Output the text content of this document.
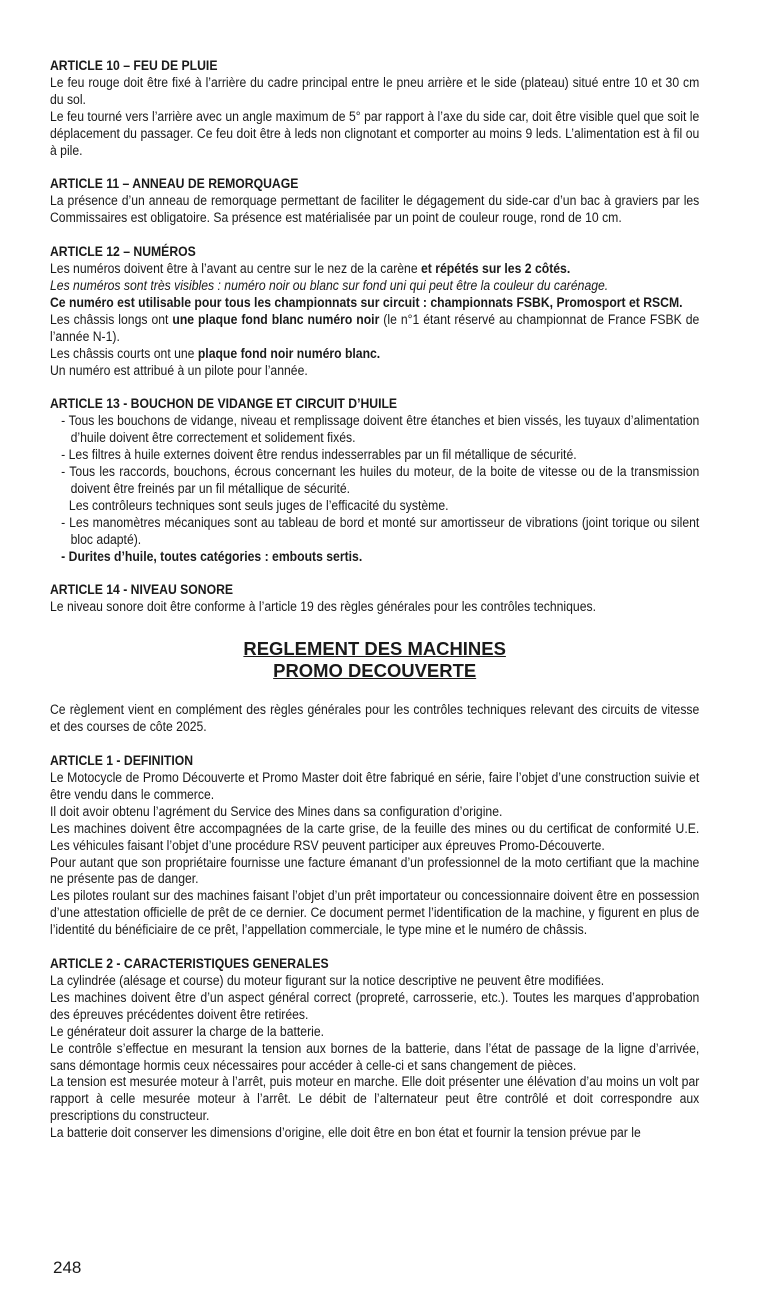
ARTICLE 10 – FEU DE PLUIE

Le feu rouge doit être fixé à l’arrière du cadre principal entre le pneu arrière et le side (plateau) situé entre 10 et 30 cm du sol.

Le feu tourné vers l’arrière avec un angle maximum de 5° par rapport à l’axe du side car, doit être visible quel que soit le déplacement du passager. Ce feu doit être à leds non clignotant et comporter au moins 9 leds. L’alimentation est à fil ou à pile.

ARTICLE 11 – ANNEAU DE REMORQUAGE

La présence d’un anneau de remorquage permettant de faciliter le dégagement du side-car d’un bac à graviers par les Commissaires est obligatoire. Sa présence est matérialisée par un point de couleur rouge, rond de 10 cm.

ARTICLE 12 – NUMÉROS

Les numéros doivent être à l’avant au centre sur le nez de la carène et répétés sur les 2 côtés.

Les numéros sont très visibles : numéro noir ou blanc sur fond uni qui peut être la couleur du carénage.

Ce numéro est utilisable pour tous les championnats sur circuit : championnats FSBK, Promosport et RSCM.

Les châssis longs ont une plaque fond blanc numéro noir (le n°1 étant réservé au championnat de France FSBK de l’année N-1).

Les châssis courts ont une plaque fond noir numéro blanc.

Un numéro est attribué à un pilote pour l’année.

ARTICLE 13 - BOUCHON DE VIDANGE ET CIRCUIT D’HUILE

- Tous les bouchons de vidange, niveau et remplissage doivent être étanches et bien vissés, les tuyaux d’alimentation d’huile doivent être correctement et solidement fixés.

- Les filtres à huile externes doivent être rendus indesserrables par un fil métallique de sécurité.

- Tous les raccords, bouchons, écrous concernant les huiles du moteur, de la boite de vitesse ou de la transmission doivent être freinés par un fil métallique de sécurité.

Les contrôleurs techniques sont seuls juges de l’efficacité du système.

- Les manomètres mécaniques sont au tableau de bord et monté sur amortisseur de vibrations (joint torique ou silent bloc adapté).

- Durites d’huile, toutes catégories : embouts sertis.

ARTICLE 14 - NIVEAU SONORE

Le niveau sonore doit être conforme à l’article 19 des règles générales pour les contrôles techniques.

REGLEMENT DES MACHINES
PROMO DECOUVERTE

Ce règlement vient en complément des règles générales pour les contrôles techniques relevant des circuits de vitesse et des courses de côte 2025.

ARTICLE 1 - DEFINITION

Le Motocycle de Promo Découverte et Promo Master doit être fabriqué en série, faire l’objet d’une construction suivie et être vendu dans le commerce.

Il doit avoir obtenu l’agrément du Service des Mines dans sa configuration d’origine.

Les machines doivent être accompagnées de la carte grise, de la feuille des mines ou du certificat de conformité U.E. Les véhicules faisant l’objet d’une procédure RSV peuvent participer aux épreuves Promo-Découverte.

Pour autant que son propriétaire fournisse une facture émanant d’un professionnel de la moto certifiant que la machine ne présente pas de danger.

Les pilotes roulant sur des machines faisant l’objet d’un prêt importateur ou concessionnaire doivent être en possession d’une attestation officielle de prêt de ce dernier. Ce document permet l’identification de la machine, y figurent en plus de l’identité du bénéficiaire de ce prêt, l’appellation commerciale, le type mine et le numéro de châssis.

ARTICLE 2 - CARACTERISTIQUES GENERALES

La cylindrée (alésage et course) du moteur figurant sur la notice descriptive ne peuvent être modifiées.

Les machines doivent être d’un aspect général correct (propreté, carrosserie, etc.). Toutes les marques d’approbation des épreuves précédentes doivent être retirées.

Le générateur doit assurer la charge de la batterie.

Le contrôle s’effectue en mesurant la tension aux bornes de la batterie, dans l’état de passage de la ligne d’arrivée, sans démontage hormis ceux nécessaires pour accéder à celle-ci et sans changement de pièces.

La tension est mesurée moteur à l’arrêt, puis moteur en marche. Elle doit présenter une élévation d’au moins un volt par rapport à celle mesurée moteur à l’arrêt. Le débit de l’alternateur peut être contrôlé et doit correspondre aux prescriptions du constructeur.

La batterie doit conserver les dimensions d’origine, elle doit être en bon état et fournir la tension prévue par le

248
